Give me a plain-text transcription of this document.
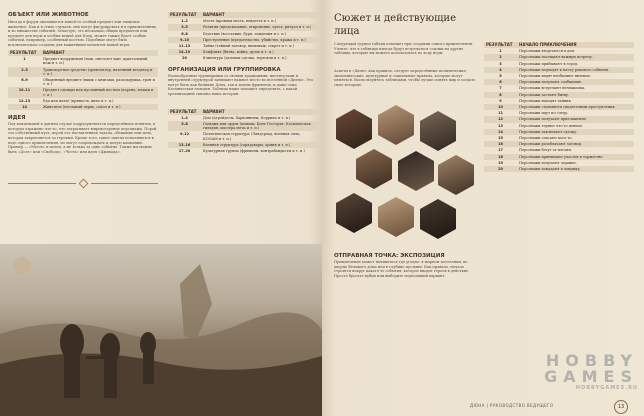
ОБЪЕКТ ИЛИ ЖИВОТНОЕ
Иногда в форум оказывается какой-то особый предмет или знаковое животное. Как и в стихе случаев, они могут фигурировать и в приключениях, и во множестве событий. Зачастую, это несколько общих предметов или предмет для игры и особых вещей для Клэр, может также будет особых событий, например, особенный костюм. Подобные могут быть исключительно созданы для важнейших моментов вашей игры.
РЕЗУЛЬТАТ	ВАРИАНТ
1	Предмет вооружения (нож, пистолет щит, кристальный нож и т. п.)
2–5	Транспортное средство (орнитоптер, наземный вездеход и т. п.)
6–9	Обыденный предмет (ящик с книгами, раскладушка, трон и т. п.)
10–11	Предмет одежды или пустынный костюм (корона, плащи и т. п.)
12–13	Еда или питьё (пряность, вино и т. п.)
14	Животное (песчаный червь, сокол и т. п.)
ИДЕЯ
Под концепцией в данном случае подразумевается определённое понятие, в котором отражено что-то, что затрагивает мировоззрение персонажа. Порой это собственный путь, порой это поставленная задача, обещание или цель, которая закрепляется за героями. Кроме того, такие заветы исполняются в ходе одного приключения, но могут сопровождать и целую кампанию. Пример — «Месть» в целом, а не только за одно событие. Также им можно быть «Долг» или «Свобода», «Честь» или идея «Джихада».
РЕЗУЛЬТАТ	ВАРИАНТ
1–2	Месть (кровная месть, вендетта и т. п.)
3–5	Религия (предсказание, откровение, ересь, ритуал и т. п.)
6–8	Бедствие (восстание, буря, эпидемия и т. п.)
9–10	Преступление (предательство, убийство, кража и т. п.)
11–13	Тайна (тайный заговор, шпионаж, секрет и т. п.)
14–19	Конфликт (битва, война, дуэль и т. п.)
20	Клиентура (деловая сделка, торговля и т. п.)
ОРГАНИЗАЦИЯ ИЛИ ГРУППИРОВКА
Разнообразные группировки со своими традициями, институтами и внутренней структурой занимают важное место во вселенной «Дюны». Это могут быть как Великие Дома, так и кланы фрименов, и даже сама Космическая гильдия. Таблица ниже поможет определить, с какой организацией связана ваша история.
РЕЗУЛЬТАТ	ВАРИАНТ
1–4	Дом (Атрейдесы, Харконнены, Коррино и т. п.)
5–8	Гильдия или орден (монахи, Бене Гессерит, Космическая гильдия, мастера меча и т. п.)
9–12	Политическая структура (Ландсраад, военная сила, КООАМ и т. п.)
13–16	Военная структура (сардаукары, армия и т. п.)
17–20	Культурная группа (фримены, контрабандисты и т. п.)
Сюжет и действующие лица
Следующая группа таблиц поможет при создании самого приключения. Учтите, что в таблицах иногда будут встречаться ссылки на другие таблицы, которые вы можете использовать по ходу игры.
Аскеты в «Дюне» как правило, следует определённые политические, экономические, культурные и социальные правила, которые могут меняться. Воспользуйтесь таблицами, чтобы лучше понять мир и создать свою историю.
ОТПРАВНАЯ ТОЧКА: ЭКСПОЗИЦИЯ
Приключение может начинаться где угодно: в мирном поселении, во дворце Великого дома или в глубине пустыни. Как правило, начало строится вокруг какого-то события, которое вводит героев в действие. Просто бросьте кубик или выберите подходящий вариант.
РЕЗУЛЬТАТ	НАЧАЛО ПРИКЛЮЧЕНИЯ
1	Персонажи вторгаются в дом.
2	Персонажи посещают важную встречу.
3	Персонажи прибывают в город.
4	Персонажи подходят к месту рокового события.
5	Персонажи видят необычное явление.
6	Персонажи получают сообщение.
7	Персонажи встречают незнакомца.
8	Персонажи застают битву.
9	Персонажи находят тайник.
10	Персонажи становятся свидетелями преступления.
11	Персонажи идут по следу.
12	Персонажи получают приглашение.
13	Персонажи теряют что-то ценное.
14	Персонажи заключают сделку.
15	Персонажи спасают кого-то.
16	Персонажи разоблачают заговор.
17	Персонажи бегут от погони.
18	Персонажи принимают участие в торжестве.
19	Персонажи получают задание.
20	Персонажи попадают в ловушку.
HOBBY
GAMES
HOBBYGAMES.RU
ДЮНА | РУКОВОДСТВО ВЕДУЩЕГО	13
